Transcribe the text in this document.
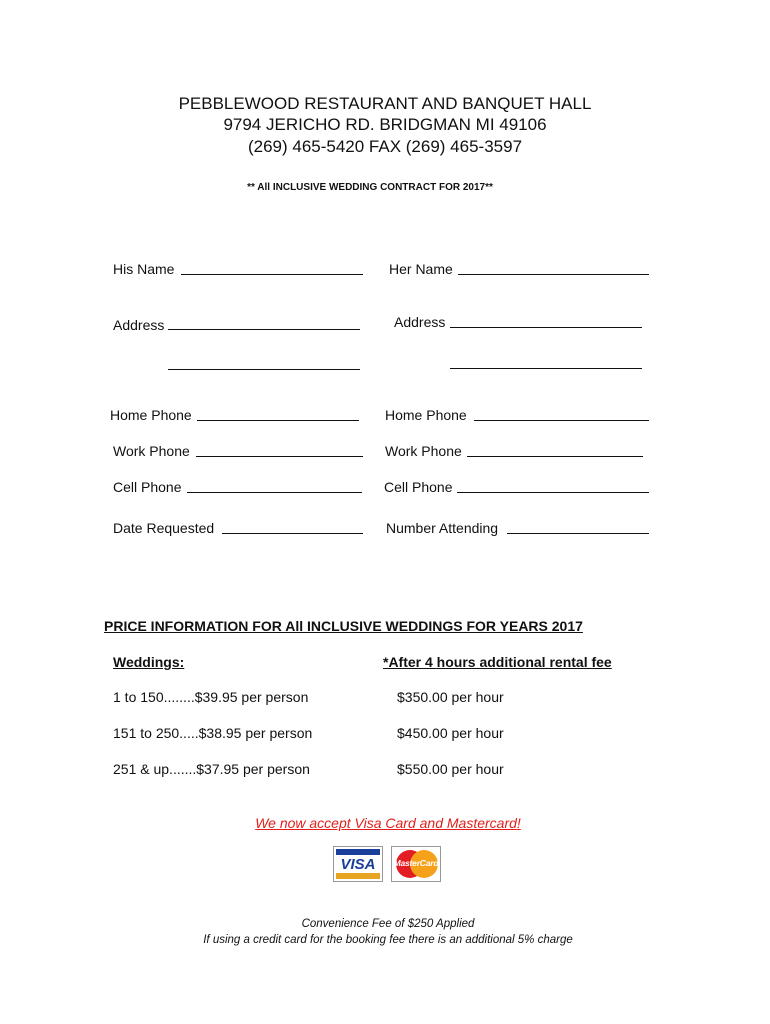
PEBBLEWOOD RESTAURANT AND BANQUET HALL
9794 JERICHO RD. BRIDGMAN MI 49106
(269) 465-5420 FAX (269) 465-3597
** All INCLUSIVE WEDDING CONTRACT FOR 2017**
His Name	Her Name
Address	Address
Home Phone	Home Phone
Work Phone	Work Phone
Cell Phone	Cell Phone
Date Requested	Number Attending
PRICE INFORMATION FOR All INCLUSIVE WEDDINGS FOR YEARS 2017
Weddings:	*After 4 hours additional rental fee
1 to 150........$39.95 per person	$350.00 per hour
151 to 250.....$38.95 per person	$450.00 per hour
251 & up.......$37.95 per person	$550.00 per hour
We now accept Visa Card and Mastercard!
VISA	MasterCard
Convenience Fee of $250 Applied
If using a credit card for the booking fee there is an additional 5% charge
